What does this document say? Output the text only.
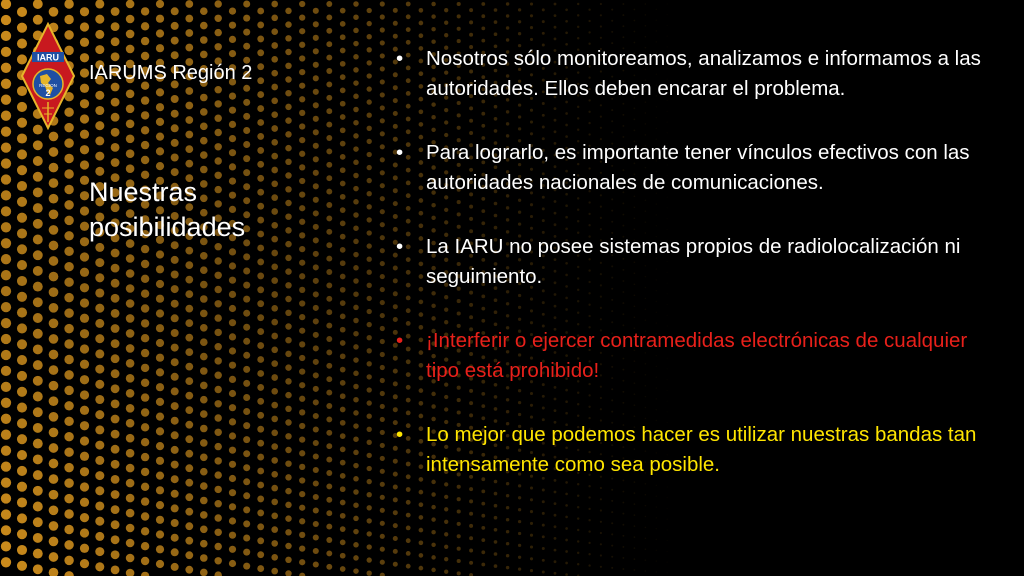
IARU
REGION
2
IARUMS Región 2
Nuestras posibilidades
• Nosotros sólo monitoreamos, analizamos e informamos a las autoridades. Ellos deben encarar el problema.
• Para lograrlo, es importante tener vínculos efectivos con las autoridades nacionales de comunicaciones.
• La IARU no posee sistemas propios de radiolocalización ni seguimiento.
• ¡Interferir o ejercer contramedidas electrónicas de cualquier tipo está prohibido!
• Lo mejor que podemos hacer es utilizar nuestras bandas tan intensamente como sea posible.
